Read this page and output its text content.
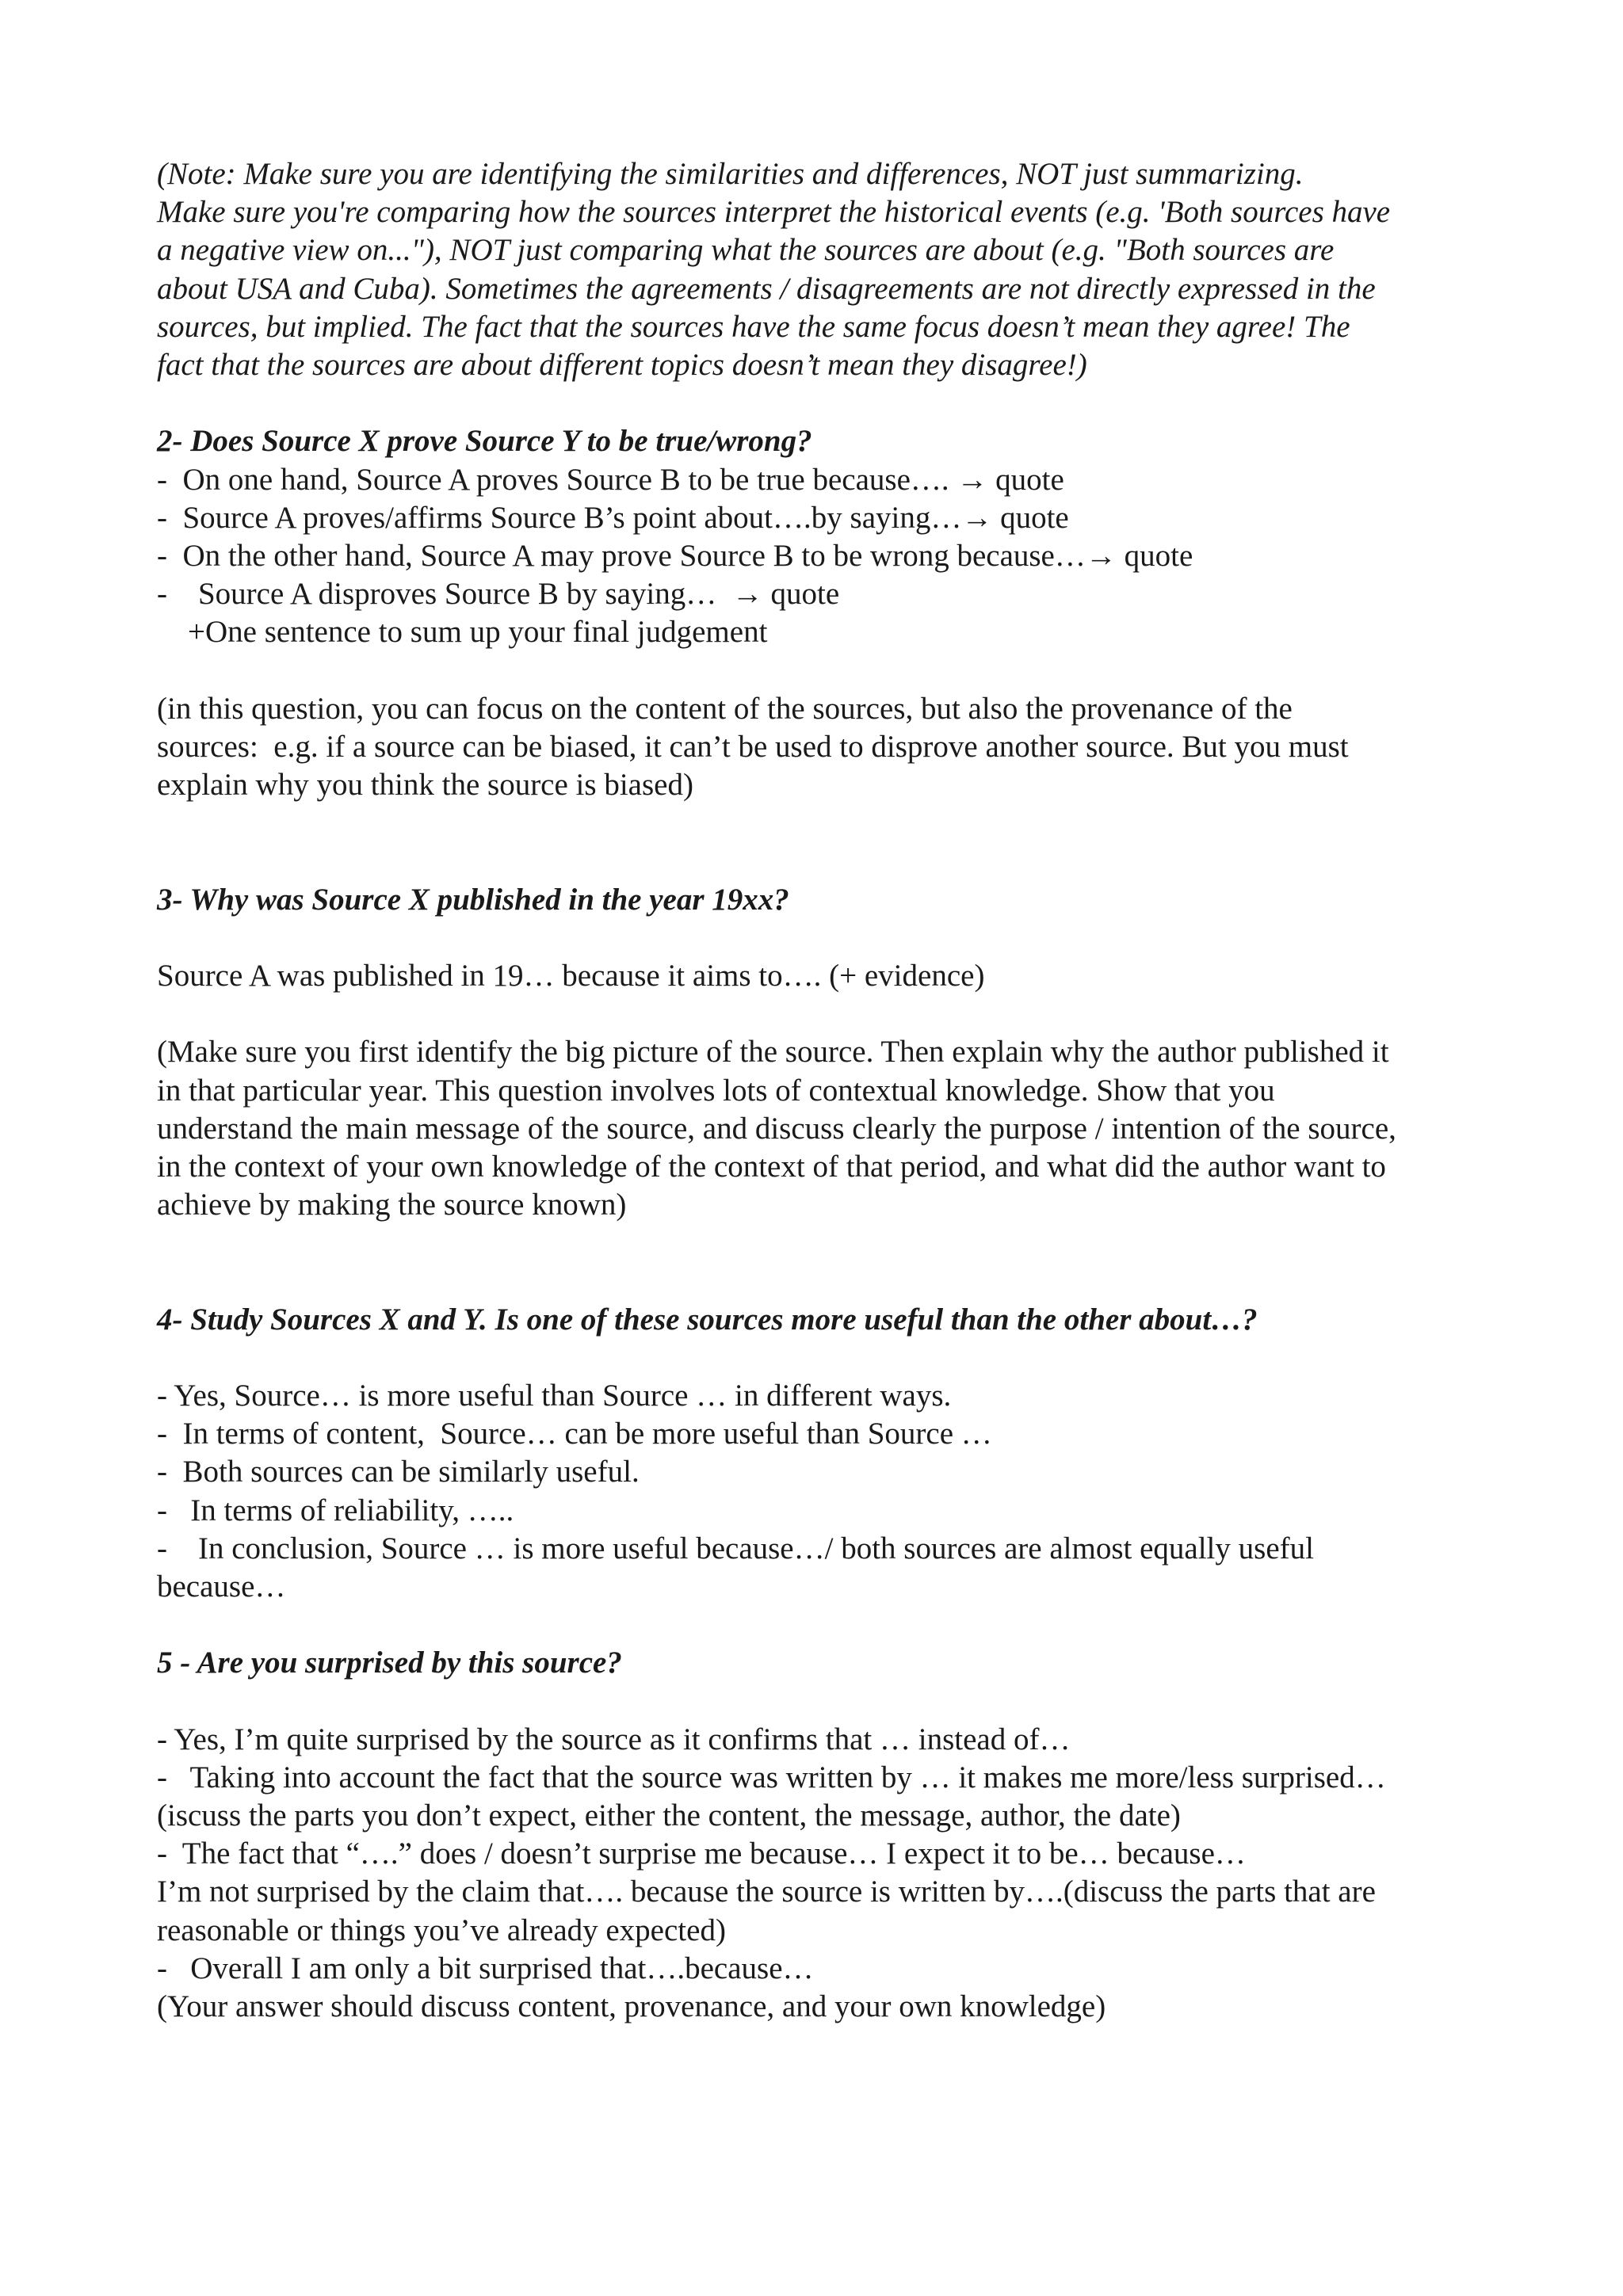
(Note: Make sure you are identifying the similarities and differences, NOT just summarizing.
Make sure you're comparing how the sources interpret the historical events (e.g. 'Both sources have
a negative view on..."), NOT just comparing what the sources are about (e.g. "Both sources are
about USA and Cuba). Sometimes the agreements / disagreements are not directly expressed in the
sources, but implied. The fact that the sources have the same focus doesn’t mean they agree! The
fact that the sources are about different topics doesn’t mean they disagree!)
2- Does Source X prove Source Y to be true/wrong?
-  On one hand, Source A proves Source B to be true because…. → quote
-  Source A proves/affirms Source B’s point about….by saying…→ quote
-  On the other hand, Source A may prove Source B to be wrong because…→ quote
-    Source A disproves Source B by saying…  → quote
+One sentence to sum up your final judgement
(in this question, you can focus on the content of the sources, but also the provenance of the
sources:  e.g. if a source can be biased, it can’t be used to disprove another source. But you must
explain why you think the source is biased)
3- Why was Source X published in the year 19xx?
Source A was published in 19… because it aims to…. (+ evidence)
(Make sure you first identify the big picture of the source. Then explain why the author published it
in that particular year. This question involves lots of contextual knowledge. Show that you
understand the main message of the source, and discuss clearly the purpose / intention of the source,
in the context of your own knowledge of the context of that period, and what did the author want to
achieve by making the source known)
4- Study Sources X and Y. Is one of these sources more useful than the other about…?
- Yes, Source… is more useful than Source … in different ways.
-  In terms of content,  Source… can be more useful than Source …
-  Both sources can be similarly useful.
-   In terms of reliability, …..
-    In conclusion, Source … is more useful because…/ both sources are almost equally useful
because…
5 - Are you surprised by this source?
- Yes, I’m quite surprised by the source as it confirms that … instead of…
-   Taking into account the fact that the source was written by … it makes me more/less surprised…
(iscuss the parts you don’t expect, either the content, the message, author, the date)
-  The fact that “….” does / doesn’t surprise me because… I expect it to be… because…
I’m not surprised by the claim that…. because the source is written by….(discuss the parts that are
reasonable or things you’ve already expected)
-   Overall I am only a bit surprised that….because…
(Your answer should discuss content, provenance, and your own knowledge)
